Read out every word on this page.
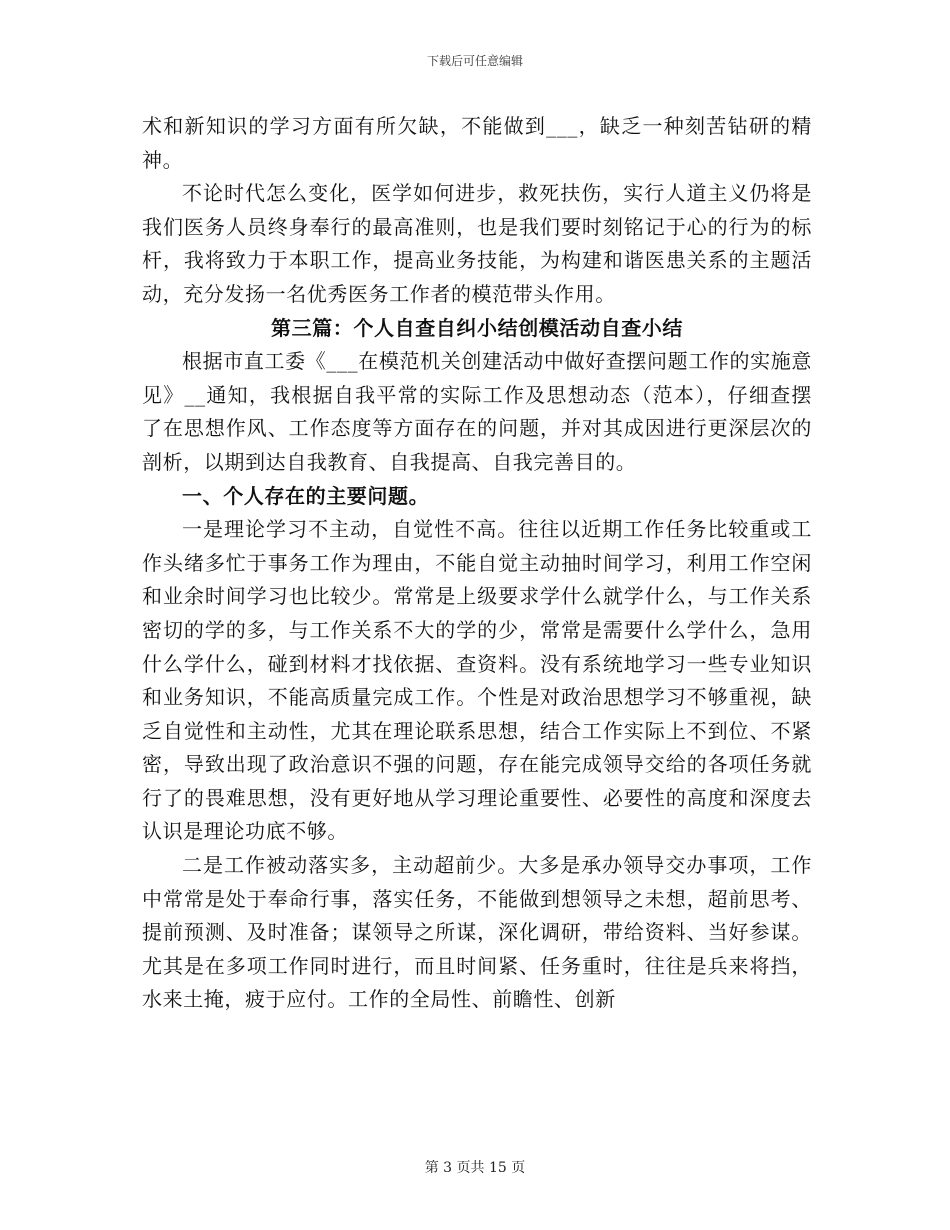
下载后可任意编辑

术和新知识的学习方面有所欠缺，不能做到___，缺乏一种刻苦钻研的精神。

不论时代怎么变化，医学如何进步，救死扶伤，实行人道主义仍将是我们医务人员终身奉行的最高准则，也是我们要时刻铭记于心的行为的标杆，我将致力于本职工作，提高业务技能，为构建和谐医患关系的主题活动，充分发扬一名优秀医务工作者的模范带头作用。

第三篇：个人自查自纠小结创模活动自查小结

根据市直工委《___在模范机关创建活动中做好查摆问题工作的实施意见》__通知，我根据自我平常的实际工作及思想动态（范本），仔细查摆了在思想作风、工作态度等方面存在的问题，并对其成因进行更深层次的剖析，以期到达自我教育、自我提高、自我完善目的。

一、个人存在的主要问题。

一是理论学习不主动，自觉性不高。往往以近期工作任务比较重或工作头绪多忙于事务工作为理由，不能自觉主动抽时间学习，利用工作空闲和业余时间学习也比较少。常常是上级要求学什么就学什么，与工作关系密切的学的多，与工作关系不大的学的少，常常是需要什么学什么，急用什么学什么，碰到材料才找依据、查资料。没有系统地学习一些专业知识和业务知识，不能高质量完成工作。个性是对政治思想学习不够重视，缺乏自觉性和主动性，尤其在理论联系思想，结合工作实际上不到位、不紧密，导致出现了政治意识不强的问题，存在能完成领导交给的各项任务就行了的畏难思想，没有更好地从学习理论重要性、必要性的高度和深度去认识是理论功底不够。

二是工作被动落实多，主动超前少。大多是承办领导交办事项，工作中常常是处于奉命行事，落实任务，不能做到想领导之未想，超前思考、提前预测、及时准备；谋领导之所谋，深化调研，带给资料、当好参谋。尤其是在多项工作同时进行，而且时间紧、任务重时，往往是兵来将挡，水来土掩，疲于应付。工作的全局性、前瞻性、创新

第 3 页共 15 页
